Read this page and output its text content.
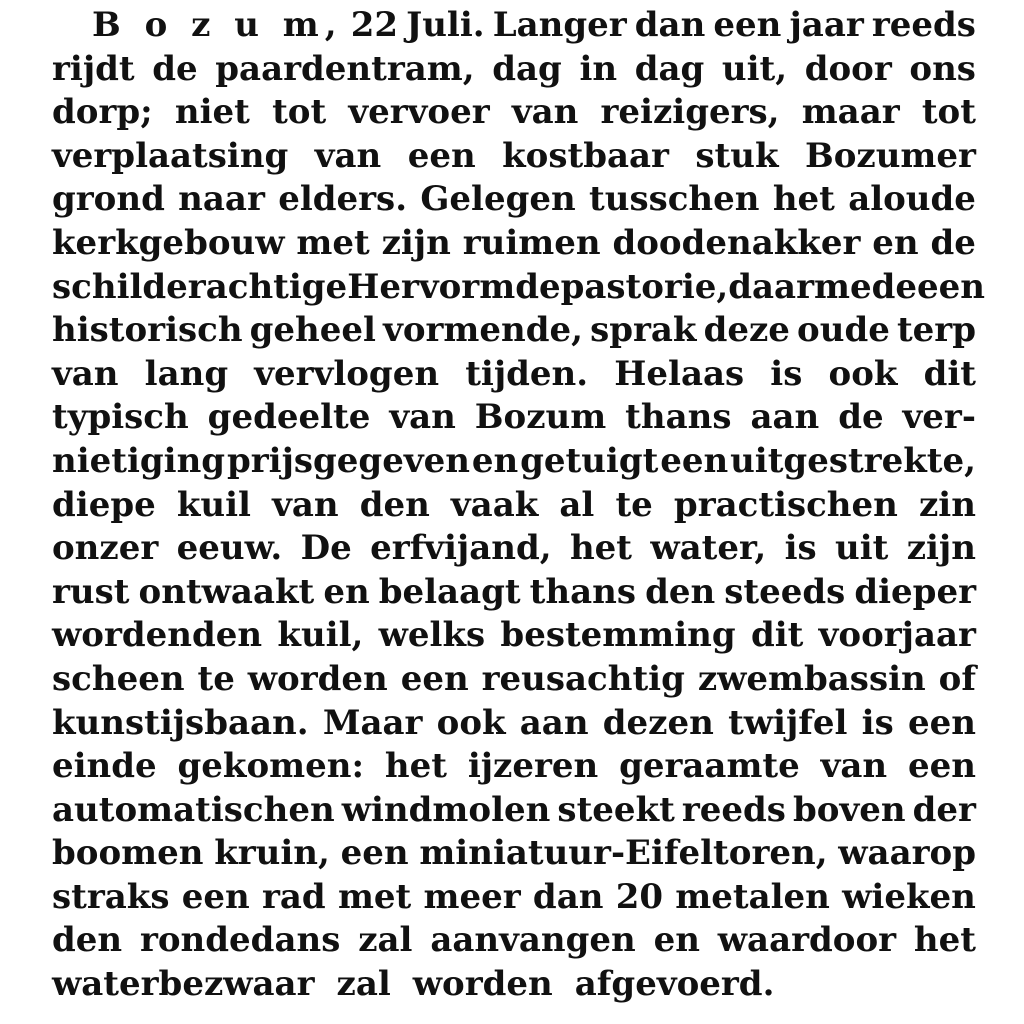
B o z u m, 22 Juli. Langer dan een jaar reeds
rijdt de paardentram, dag in dag uit, door ons
dorp; niet tot vervoer van reizigers, maar tot
verplaatsing van een kostbaar stuk Bozumer
grond naar elders. Gelegen tusschen het aloude
kerkgebouw met zijn ruimen doodenakker en de
schilderachtige Hervormde pastorie, daarmede een
historisch geheel vormende, sprak deze oude terp
van lang vervlogen tijden. Helaas is ook dit
typisch gedeelte van Bozum thans aan de ver-
nietiging prijsgegeven en getuigt een uitgestrekte,
diepe kuil van den vaak al te practischen zin
onzer eeuw. De erfvijand, het water, is uit zijn
rust ontwaakt en belaagt thans den steeds dieper
wordenden kuil, welks bestemming dit voorjaar
scheen te worden een reusachtig zwembassin of
kunstijsbaan. Maar ook aan dezen twijfel is een
einde gekomen: het ijzeren geraamte van een
automatischen windmolen steekt reeds boven der
boomen kruin, een miniatuur-Eifeltoren, waarop
straks een rad met meer dan 20 metalen wieken
den rondedans zal aanvangen en waardoor het
waterbezwaar zal worden afgevoerd.
